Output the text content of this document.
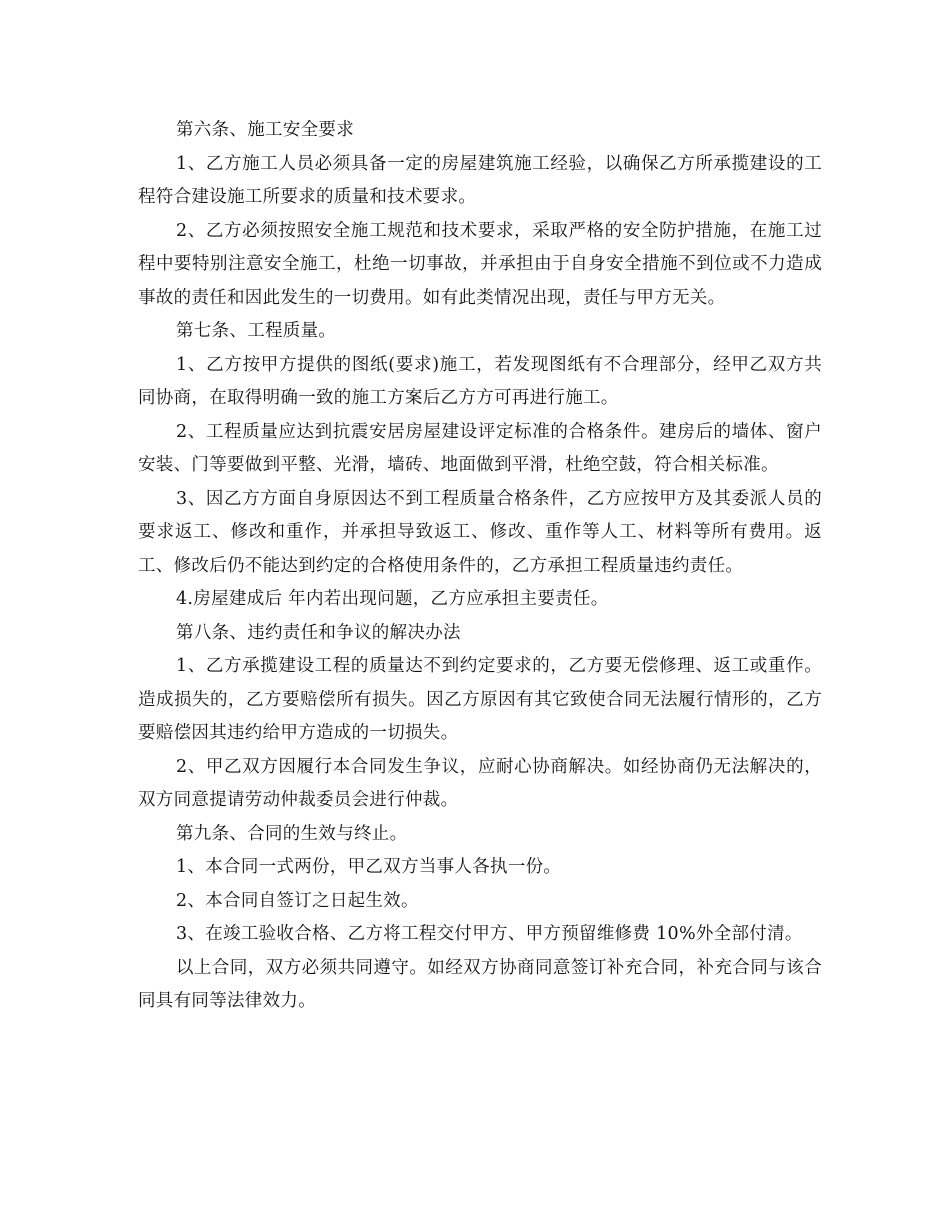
第六条、施工安全要求

1、乙方施工人员必须具备一定的房屋建筑施工经验，以确保乙方所承揽建设的工程符合建设施工所要求的质量和技术要求。

2、乙方必须按照安全施工规范和技术要求，采取严格的安全防护措施，在施工过程中要特别注意安全施工，杜绝一切事故，并承担由于自身安全措施不到位或不力造成事故的责任和因此发生的一切费用。如有此类情况出现，责任与甲方无关。

第七条、工程质量。

1、乙方按甲方提供的图纸(要求)施工，若发现图纸有不合理部分，经甲乙双方共同协商，在取得明确一致的施工方案后乙方方可再进行施工。

2、工程质量应达到抗震安居房屋建设评定标准的合格条件。建房后的墙体、窗户安装、门等要做到平整、光滑，墙砖、地面做到平滑，杜绝空鼓，符合相关标准。

3、因乙方方面自身原因达不到工程质量合格条件，乙方应按甲方及其委派人员的要求返工、修改和重作，并承担导致返工、修改、重作等人工、材料等所有费用。返工、修改后仍不能达到约定的合格使用条件的，乙方承担工程质量违约责任。

4.房屋建成后 年内若出现问题，乙方应承担主要责任。

第八条、违约责任和争议的解决办法

1、乙方承揽建设工程的质量达不到约定要求的，乙方要无偿修理、返工或重作。造成损失的，乙方要赔偿所有损失。因乙方原因有其它致使合同无法履行情形的，乙方要赔偿因其违约给甲方造成的一切损失。

2、甲乙双方因履行本合同发生争议，应耐心协商解决。如经协商仍无法解决的，双方同意提请劳动仲裁委员会进行仲裁。

第九条、合同的生效与终止。

1、本合同一式两份，甲乙双方当事人各执一份。

2、本合同自签订之日起生效。

3、在竣工验收合格、乙方将工程交付甲方、甲方预留维修费 10%外全部付清。

以上合同，双方必须共同遵守。如经双方协商同意签订补充合同，补充合同与该合同具有同等法律效力。
